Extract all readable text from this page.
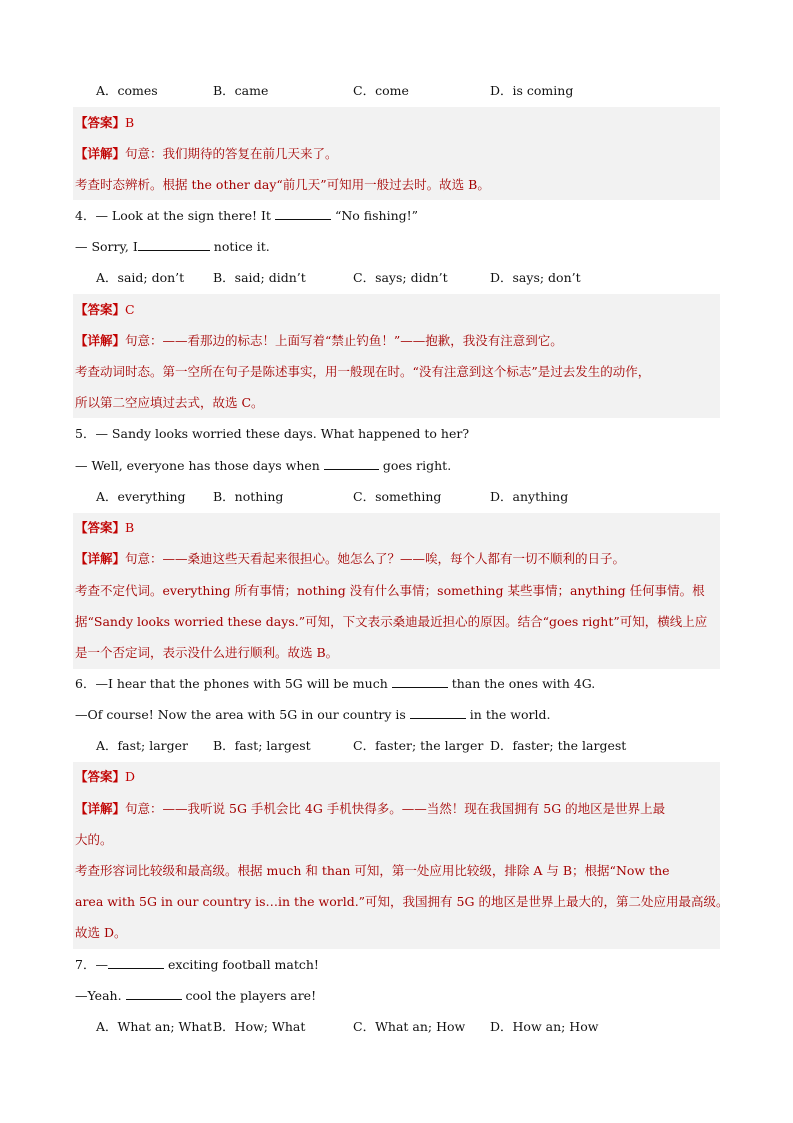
A．comes	B．came	C．come	D．is coming
【答案】B
【详解】句意：我们期待的答复在前几天来了。
考查时态辨析。根据 the other day“前几天”可知用一般过去时。故选 B。
4．— Look at the sign there! It	“No fishing!”
— Sorry, I	notice it.
A．said; don’t B．said; didn’t	C．says; didn’t	D．says; don’t
【答案】C
【详解】句意：——看那边的标志！上面写着“禁止钓鱼！”——抱歉，我没有注意到它。
考查动词时态。第一空所在句子是陈述事实，用一般现在时。“没有注意到这个标志”是过去发生的动作，
所以第二空应填过去式，故选 C。
5．— Sandy looks worried these days. What happened to her?
— Well, everyone has those days when	goes right.
A．everything B．nothing	C．something	D．anything
【答案】B
【详解】句意：——桑迪这些天看起来很担心。她怎么了？——唉，每个人都有一切不顺利的日子。
考查不定代词。everything 所有事情；nothing 没有什么事情；something 某些事情；anything 任何事情。根
据“Sandy looks worried these days.”可知，下文表示桑迪最近担心的原因。结合“goes right”可知，横线上应
是一个否定词，表示没什么进行顺利。故选 B。
6．—I hear that the phones with 5G will be much	than the ones with 4G.
—Of course! Now the area with 5G in our country is	in the world.
A．fast; larger B．fast; largest	C．faster; the larger D．faster; the largest
【答案】D
【详解】句意：——我听说 5G 手机会比 4G 手机快得多。——当然！现在我国拥有 5G 的地区是世界上最
大的。
考查形容词比较级和最高级。根据 much 和 than 可知，第一处应用比较级，排除 A 与 B；根据“Now the
area with 5G in our country is…in the world.”可知，我国拥有 5G 的地区是世界上最大的，第二处应用最高级。
故选 D。
7．—	exciting football match!
—Yeah.	cool the players are!
A．What an; What B．How; What	C．What an; How D．How an; How
